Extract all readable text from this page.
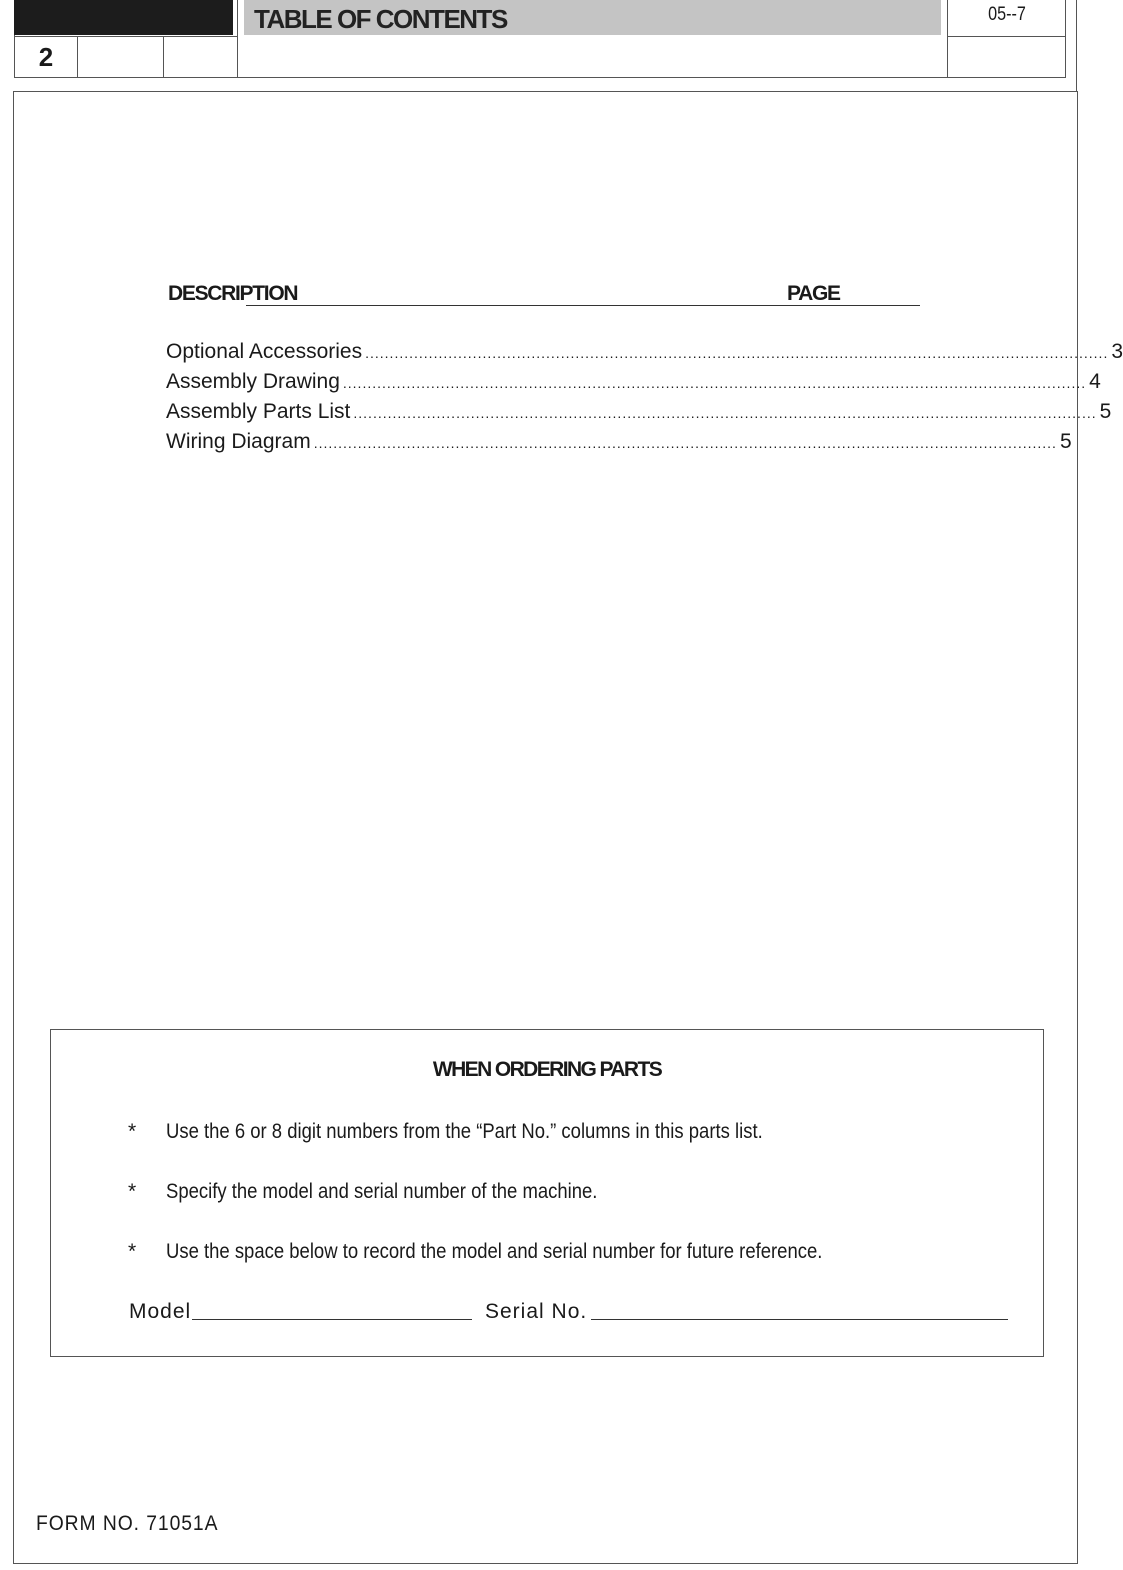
TABLE OF CONTENTS
2
05--7
DESCRIPTION	PAGE
Optional Accessories ........................................................................................................................................................ 3
Assembly Drawing ........................................................................................................................................................ 4
Assembly Parts List ........................................................................................................................................................ 5
Wiring Diagram ........................................................................................................................................................ 5
WHEN ORDERING PARTS
* Use the 6 or 8 digit numbers from the “Part No.” columns in this parts list.
* Specify the model and serial number of the machine.
* Use the space below to record the model and serial number for future reference.
Model	Serial No.
FORM NO. 71051A
